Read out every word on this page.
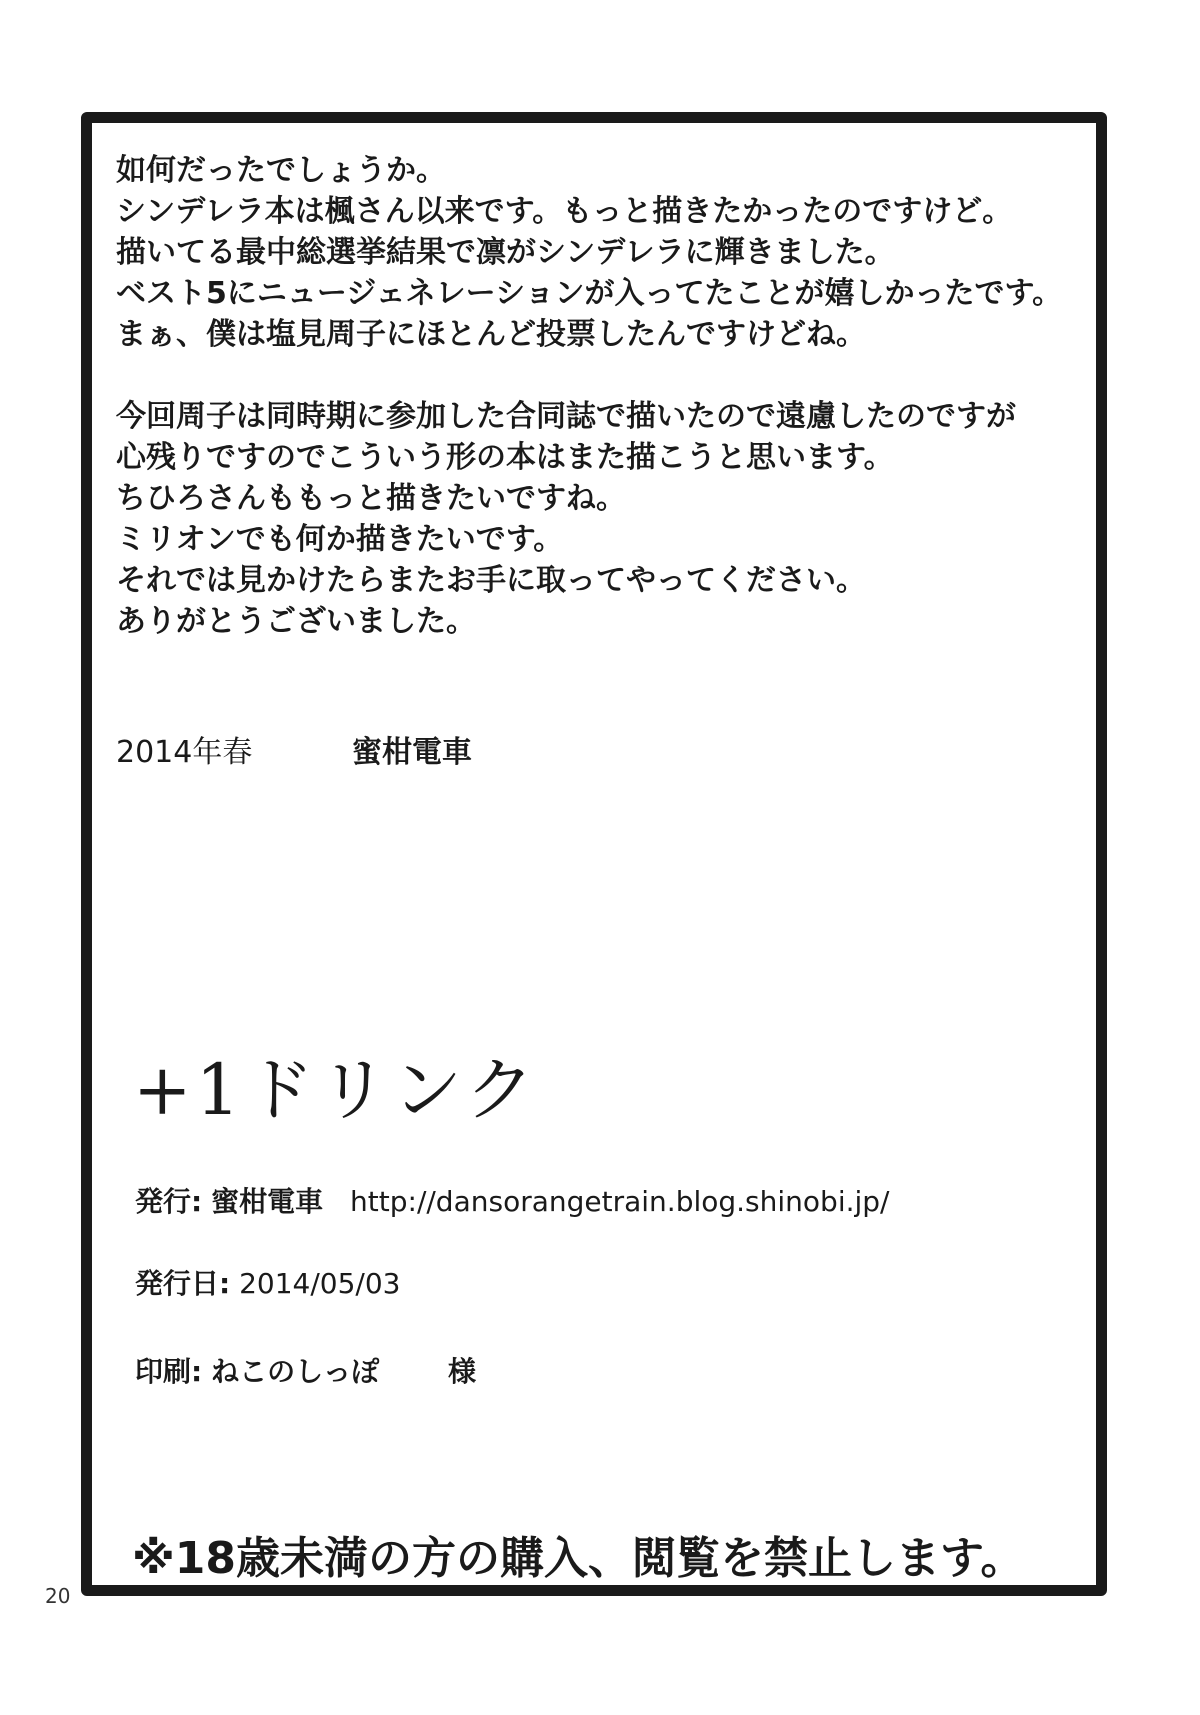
如何だったでしょうか。

シンデレラ本は楓さん以来です。もっと描きたかったのですけど。

描いてる最中総選挙結果で凛がシンデレラに輝きました。

ベスト5にニュージェネレーションが入ってたことが嬉しかったです。

まぁ、僕は塩見周子にほとんど投票したんですけどね。

今回周子は同時期に参加した合同誌で描いたので遠慮したのですが

心残りですのでこういう形の本はまた描こうと思います。

ちひろさんももっと描きたいですね。

ミリオンでも何か描きたいです。

それでは見かけたらまたお手に取ってやってください。

ありがとうございました。

2014年春	蜜柑電車
+1ドリンク
発行: 蜜柑電車 http://dansorangetrain.blog.shinobi.jp/
発行日: 2014/05/03
印刷: ねこのしっぽ 様
※18歳未満の方の購入、閲覧を禁止します。
20
